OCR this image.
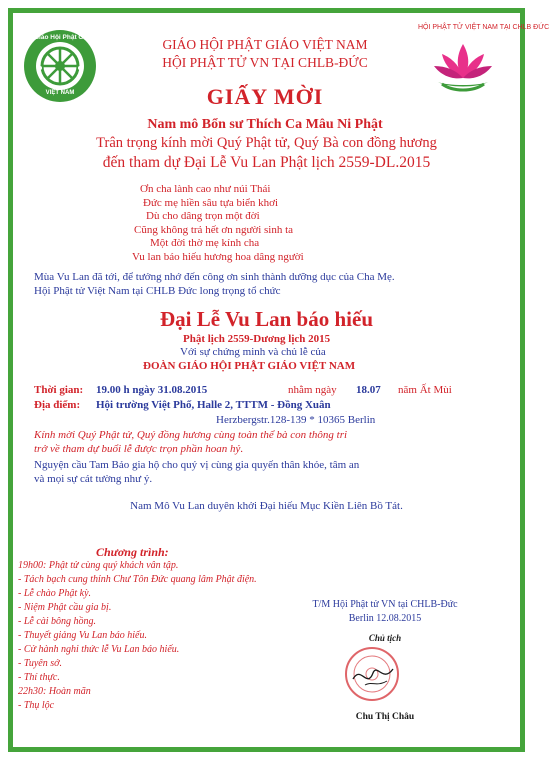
Giáo Hội Phật Giáo
VIỆT NAM
HỘI PHẬT TỬ VIỆT NAM TẠI CHLB ĐỨC
GIÁO HỘI PHẬT GIÁO VIỆT NAM
HỘI PHẬT TỬ VN TẠI CHLB-ĐỨC
GIẤY MỜI
Nam mô Bổn sư Thích Ca Mâu Ni Phật
Trân trọng kính mời Quý Phật tử, Quý Bà con đồng hương
đến tham dự Đại Lễ Vu Lan Phật lịch 2559-DL.2015
Ơn cha lành cao như núi Thái
Đức mẹ hiền sâu tựa biển khơi
Dù cho dâng trọn một đời
Cũng không trả hết ơn người sinh ta
Một đời thờ mẹ kính cha
Vu lan báo hiếu hương hoa dâng người
Mùa Vu Lan đã tới, để tưởng nhớ đến công ơn sinh thành dưỡng dục của Cha Mẹ.
Hội Phật tử Việt Nam tại CHLB Đức long trọng tổ chức
Đại Lễ Vu Lan báo hiếu
Phật lịch 2559-Dương lịch 2015
Với sự chứng minh và chủ lễ của
ĐOÀN GIÁO HỘI PHẬT GIÁO VIỆT NAM
Thời gian: 19.00 h ngày 31.08.2015	nhằm ngày 18.07 năm Ất Mùi
Địa điểm: Hội trường Việt Phố, Halle 2, TTTM - Đồng Xuân
Herzbergstr.128-139 * 10365 Berlin
Kính mời Quý Phật tử, Quý đồng hương cùng toàn thể bà con thông tri
trở về tham dự buổi lễ được trọn phần hoan hỷ.
Nguyện cầu Tam Bảo gia hộ cho quý vị cùng gia quyến thân khỏe, tâm an
và mọi sự cát tường như ý.
Nam Mô Vu Lan duyên khởi Đại hiếu Mục Kiền Liên Bồ Tát.
Chương trình:
19h00: Phật tử cùng quý khách vân tập.
- Tách bạch cung thỉnh Chư Tôn Đức quang lâm Phật điện.
- Lễ chào Phật kỳ.
- Niệm Phật cầu gia bị.
- Lễ cài bông hồng.
- Thuyết giảng Vu Lan báo hiếu.
- Cử hành nghi thức lễ Vu Lan báo hiếu.
- Tuyên sớ.
- Thí thực.
22h30: Hoàn mãn
- Thụ lộc
T/M Hội Phật tử VN tại CHLB-Đức
Berlin 12.08.2015
Chủ tịch
Chu Thị Châu
